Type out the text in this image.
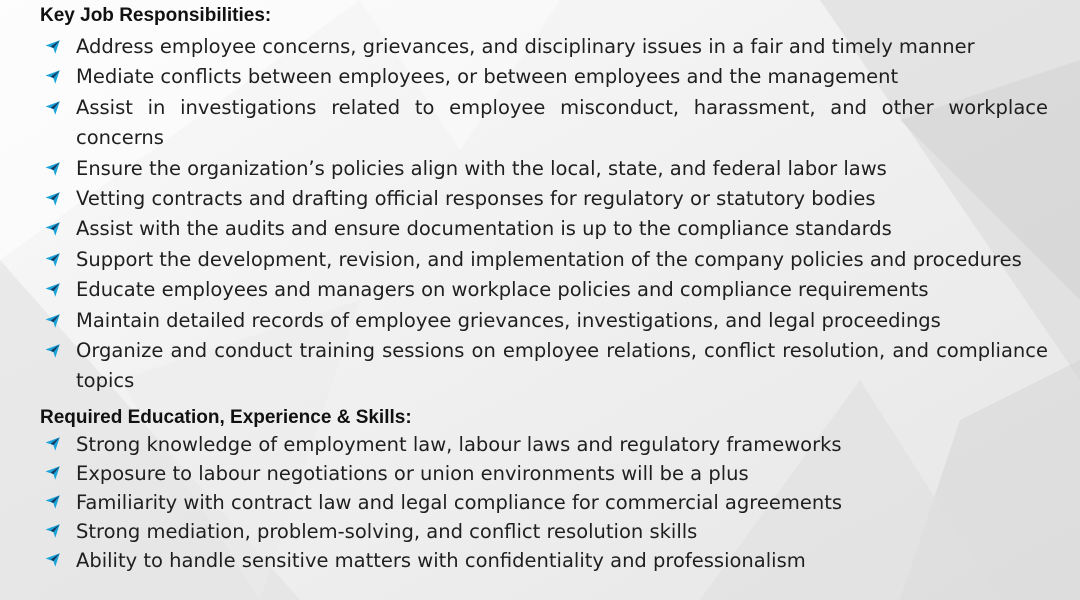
Key Job Responsibilities:
Address employee concerns, grievances, and disciplinary issues in a fair and timely manner
Mediate conflicts between employees, or between employees and the management
Assist in investigations related to employee misconduct, harassment, and other workplace concerns
Ensure the organization’s policies align with the local, state, and federal labor laws
Vetting contracts and drafting official responses for regulatory or statutory bodies
Assist with the audits and ensure documentation is up to the compliance standards
Support the development, revision, and implementation of the company policies and procedures
Educate employees and managers on workplace policies and compliance requirements
Maintain detailed records of employee grievances, investigations, and legal proceedings
Organize and conduct training sessions on employee relations, conflict resolution, and compliance topics
Required Education, Experience & Skills:
Strong knowledge of employment law, labour laws and regulatory frameworks
Exposure to labour negotiations or union environments will be a plus
Familiarity with contract law and legal compliance for commercial agreements
Strong mediation, problem-solving, and conflict resolution skills
Ability to handle sensitive matters with confidentiality and professionalism
